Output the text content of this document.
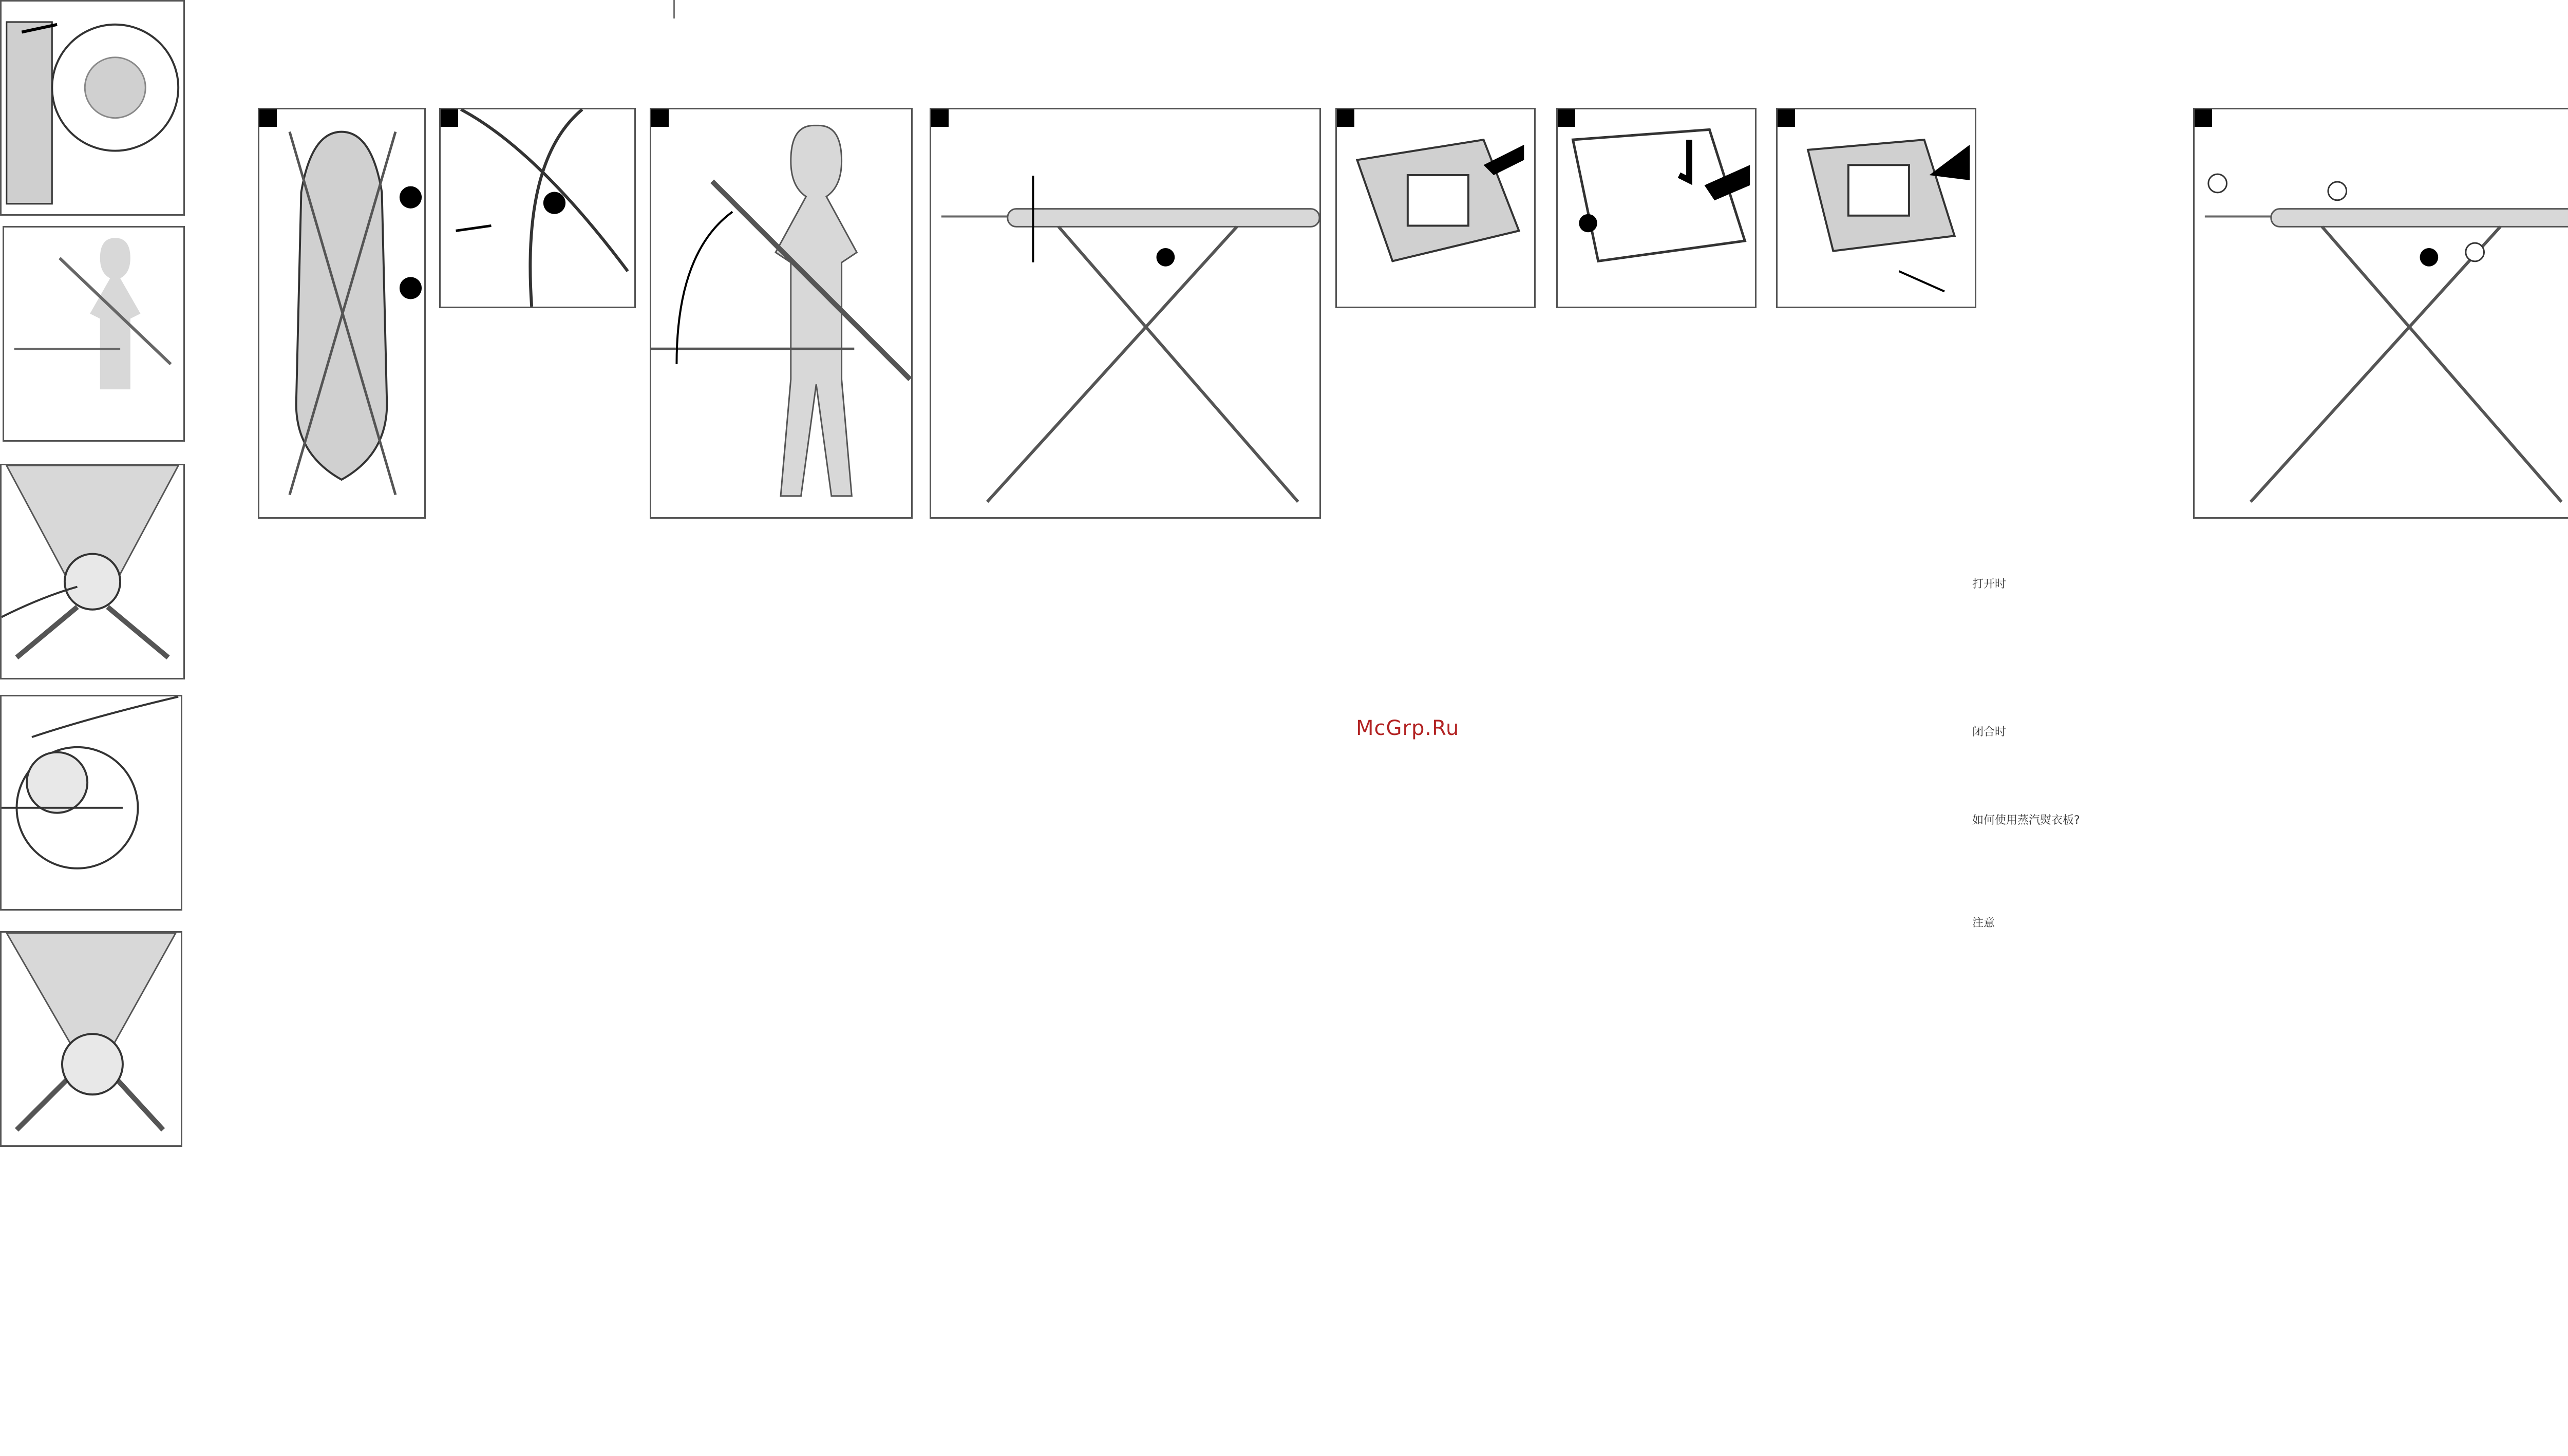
打开时
闭合时
如何使用蒸汽熨衣板?
注意
McGrp.Ru
